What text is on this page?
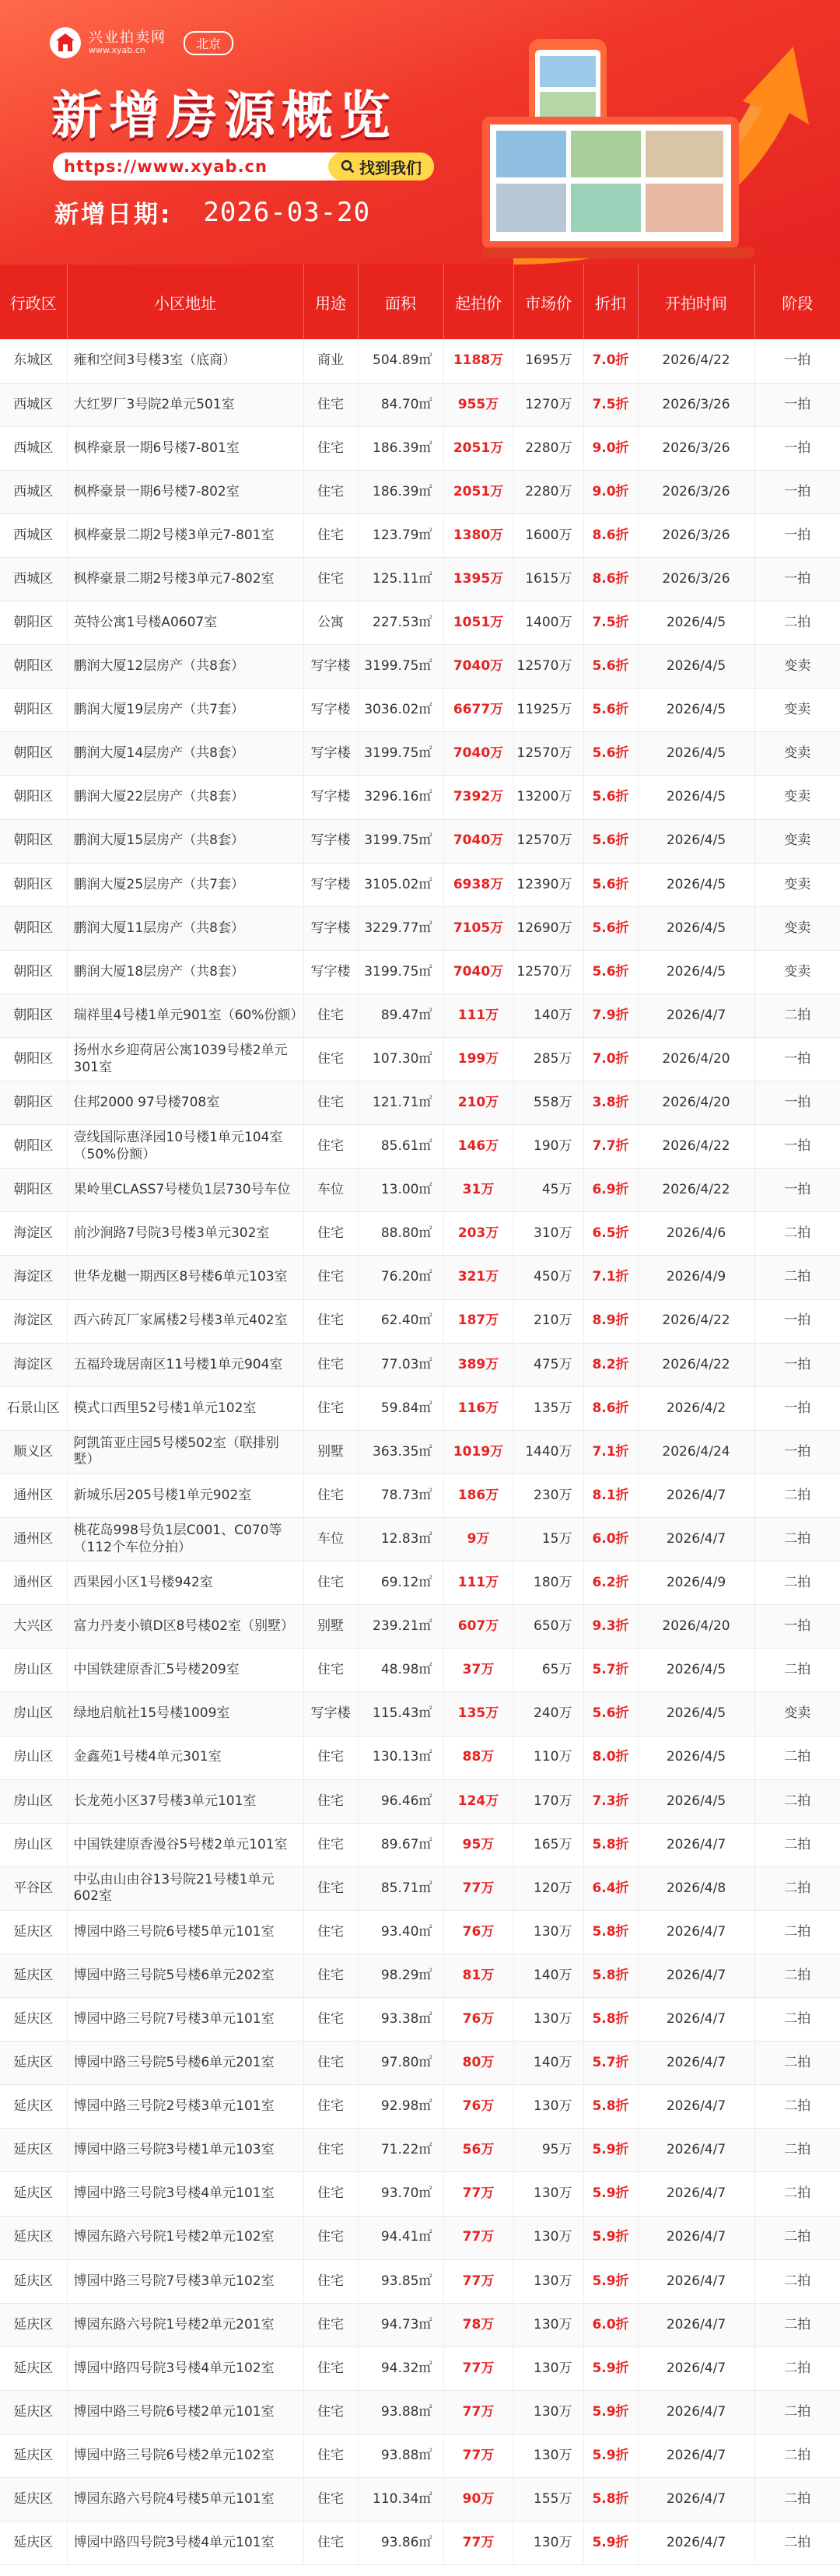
兴业拍卖网
www.xyab.cn	北京
新增房源概览
https://www.xyab.cn	找到我们
新增日期: 2026-03-20
行政区	小区地址	用途	面积	起拍价	市场价	折扣	开拍时间	阶段
东城区	雍和空间3号楼3室（底商）	商业	504.89㎡	1188万	1695万	7.0折	2026/4/22	一拍
西城区	大红罗厂3号院2单元501室	住宅	84.70㎡	955万	1270万	7.5折	2026/3/26	一拍
西城区	枫桦豪景一期6号楼7-801室	住宅	186.39㎡	2051万	2280万	9.0折	2026/3/26	一拍
西城区	枫桦豪景一期6号楼7-802室	住宅	186.39㎡	2051万	2280万	9.0折	2026/3/26	一拍
西城区	枫桦豪景二期2号楼3单元7-801室	住宅	123.79㎡	1380万	1600万	8.6折	2026/3/26	一拍
西城区	枫桦豪景二期2号楼3单元7-802室	住宅	125.11㎡	1395万	1615万	8.6折	2026/3/26	一拍
朝阳区	英特公寓1号楼A0607室	公寓	227.53㎡	1051万	1400万	7.5折	2026/4/5	二拍
朝阳区	鹏润大厦12层房产（共8套）	写字楼	3199.75㎡	7040万	12570万	5.6折	2026/4/5	变卖
朝阳区	鹏润大厦19层房产（共7套）	写字楼	3036.02㎡	6677万	11925万	5.6折	2026/4/5	变卖
朝阳区	鹏润大厦14层房产（共8套）	写字楼	3199.75㎡	7040万	12570万	5.6折	2026/4/5	变卖
朝阳区	鹏润大厦22层房产（共8套）	写字楼	3296.16㎡	7392万	13200万	5.6折	2026/4/5	变卖
朝阳区	鹏润大厦15层房产（共8套）	写字楼	3199.75㎡	7040万	12570万	5.6折	2026/4/5	变卖
朝阳区	鹏润大厦25层房产（共7套）	写字楼	3105.02㎡	6938万	12390万	5.6折	2026/4/5	变卖
朝阳区	鹏润大厦11层房产（共8套）	写字楼	3229.77㎡	7105万	12690万	5.6折	2026/4/5	变卖
朝阳区	鹏润大厦18层房产（共8套）	写字楼	3199.75㎡	7040万	12570万	5.6折	2026/4/5	变卖
朝阳区	瑞祥里4号楼1单元901室（60%份额）	住宅	89.47㎡	111万	140万	7.9折	2026/4/7	二拍
朝阳区	扬州水乡迎荷居公寓1039号楼2单元301室	住宅	107.30㎡	199万	285万	7.0折	2026/4/20	一拍
朝阳区	住邦2000 97号楼708室	住宅	121.71㎡	210万	558万	3.8折	2026/4/20	一拍
朝阳区	壹线国际惠泽园10号楼1单元104室（50%份额）	住宅	85.61㎡	146万	190万	7.7折	2026/4/22	一拍
朝阳区	果岭里CLASS7号楼负1层730号车位	车位	13.00㎡	31万	45万	6.9折	2026/4/22	一拍
海淀区	前沙涧路7号院3号楼3单元302室	住宅	88.80㎡	203万	310万	6.5折	2026/4/6	二拍
海淀区	世华龙樾一期西区8号楼6单元103室	住宅	76.20㎡	321万	450万	7.1折	2026/4/9	二拍
海淀区	西六砖瓦厂家属楼2号楼3单元402室	住宅	62.40㎡	187万	210万	8.9折	2026/4/22	一拍
海淀区	五福玲珑居南区11号楼1单元904室	住宅	77.03㎡	389万	475万	8.2折	2026/4/22	一拍
石景山区	模式口西里52号楼1单元102室	住宅	59.84㎡	116万	135万	8.6折	2026/4/2	一拍
顺义区	阿凯笛亚庄园5号楼502室（联排别墅）	别墅	363.35㎡	1019万	1440万	7.1折	2026/4/24	一拍
通州区	新城乐居205号楼1单元902室	住宅	78.73㎡	186万	230万	8.1折	2026/4/7	二拍
通州区	桃花岛998号负1层C001、C070等（112个车位分拍）	车位	12.83㎡	9万	15万	6.0折	2026/4/7	二拍
通州区	西果园小区1号楼942室	住宅	69.12㎡	111万	180万	6.2折	2026/4/9	二拍
大兴区	富力丹麦小镇D区8号楼02室（别墅）	别墅	239.21㎡	607万	650万	9.3折	2026/4/20	一拍
房山区	中国铁建原香汇5号楼209室	住宅	48.98㎡	37万	65万	5.7折	2026/4/5	二拍
房山区	绿地启航社15号楼1009室	写字楼	115.43㎡	135万	240万	5.6折	2026/4/5	变卖
房山区	金鑫苑1号楼4单元301室	住宅	130.13㎡	88万	110万	8.0折	2026/4/5	二拍
房山区	长龙苑小区37号楼3单元101室	住宅	96.46㎡	124万	170万	7.3折	2026/4/5	二拍
房山区	中国铁建原香漫谷5号楼2单元101室	住宅	89.67㎡	95万	165万	5.8折	2026/4/7	二拍
平谷区	中弘由山由谷13号院21号楼1单元602室	住宅	85.71㎡	77万	120万	6.4折	2026/4/8	二拍
延庆区	博园中路三号院6号楼5单元101室	住宅	93.40㎡	76万	130万	5.8折	2026/4/7	二拍
延庆区	博园中路三号院5号楼6单元202室	住宅	98.29㎡	81万	140万	5.8折	2026/4/7	二拍
延庆区	博园中路三号院7号楼3单元101室	住宅	93.38㎡	76万	130万	5.8折	2026/4/7	二拍
延庆区	博园中路三号院5号楼6单元201室	住宅	97.80㎡	80万	140万	5.7折	2026/4/7	二拍
延庆区	博园中路三号院2号楼3单元101室	住宅	92.98㎡	76万	130万	5.8折	2026/4/7	二拍
延庆区	博园中路三号院3号楼1单元103室	住宅	71.22㎡	56万	95万	5.9折	2026/4/7	二拍
延庆区	博园中路三号院3号楼4单元101室	住宅	93.70㎡	77万	130万	5.9折	2026/4/7	二拍
延庆区	博园东路六号院1号楼2单元102室	住宅	94.41㎡	77万	130万	5.9折	2026/4/7	二拍
延庆区	博园中路三号院7号楼3单元102室	住宅	93.85㎡	77万	130万	5.9折	2026/4/7	二拍
延庆区	博园东路六号院1号楼2单元201室	住宅	94.73㎡	78万	130万	6.0折	2026/4/7	二拍
延庆区	博园中路四号院3号楼4单元102室	住宅	94.32㎡	77万	130万	5.9折	2026/4/7	二拍
延庆区	博园中路三号院6号楼2单元101室	住宅	93.88㎡	77万	130万	5.9折	2026/4/7	二拍
延庆区	博园中路三号院6号楼2单元102室	住宅	93.88㎡	77万	130万	5.9折	2026/4/7	二拍
延庆区	博园东路六号院4号楼5单元101室	住宅	110.34㎡	90万	155万	5.8折	2026/4/7	二拍
延庆区	博园中路四号院3号楼4单元101室	住宅	93.86㎡	77万	130万	5.9折	2026/4/7	二拍
